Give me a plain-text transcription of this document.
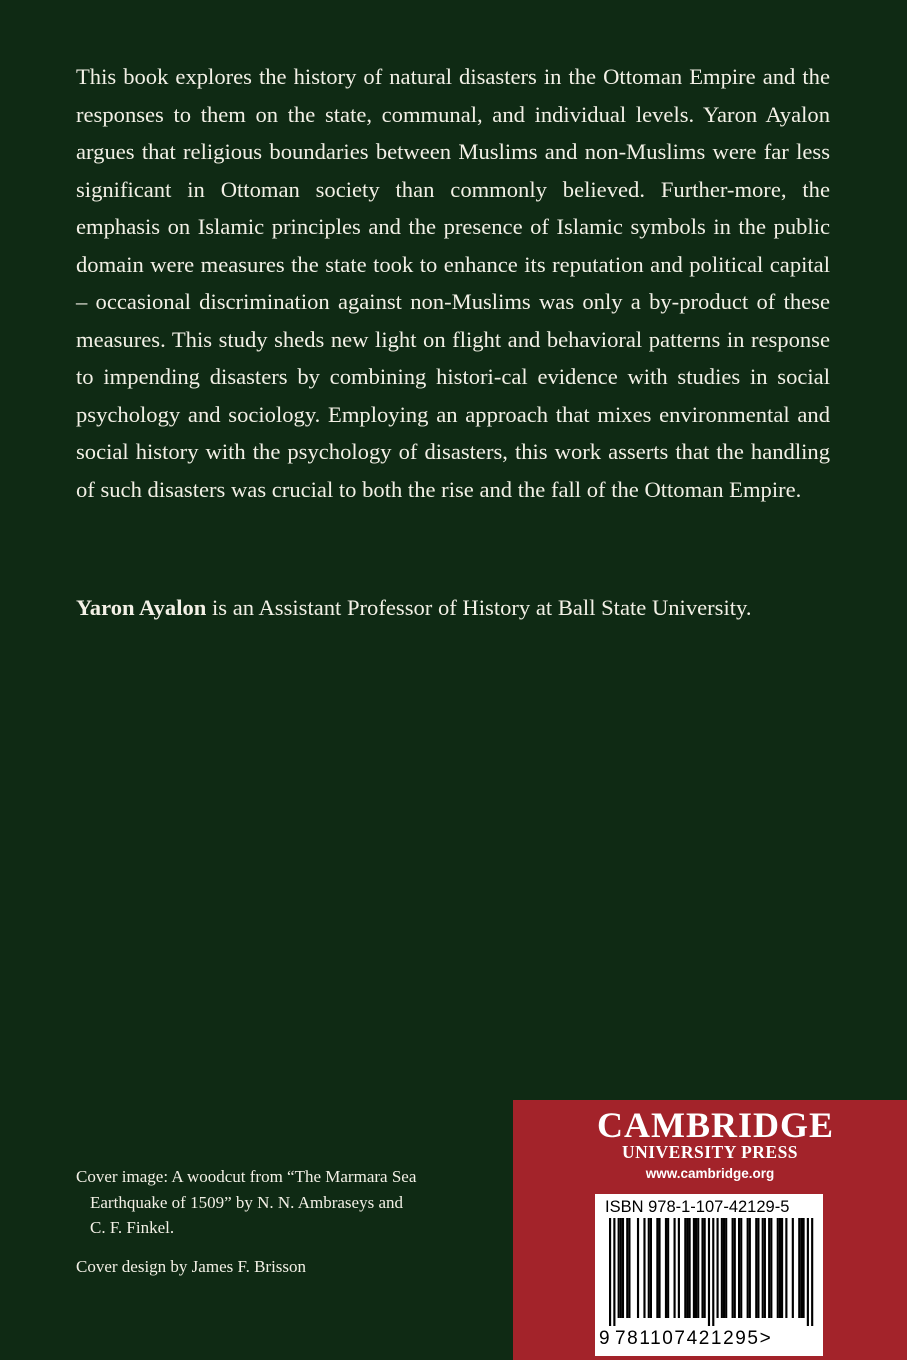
This book explores the history of natural disasters in the Ottoman Empire and the responses to them on the state, communal, and individual levels. Yaron Ayalon argues that religious boundaries between Muslims and non-Muslims were far less significant in Ottoman society than commonly believed. Further-more, the emphasis on Islamic principles and the presence of Islamic symbols in the public domain were measures the state took to enhance its reputation and political capital – occasional discrimination against non-Muslims was only a by-product of these measures. This study sheds new light on flight and behavioral patterns in response to impending disasters by combining histori-cal evidence with studies in social psychology and sociology. Employing an approach that mixes environmental and social history with the psychology of disasters, this work asserts that the handling of such disasters was crucial to both the rise and the fall of the Ottoman Empire.

Yaron Ayalon is an Assistant Professor of History at Ball State University.

Cover image: A woodcut from “The Marmara Sea
Earthquake of 1509” by N. N. Ambraseys and
C. F. Finkel.

Cover design by James F. Brisson

CAMBRIDGE
UNIVERSITY PRESS
www.cambridge.org
ISBN 978-1-107-42129-5
9 781107421295>
